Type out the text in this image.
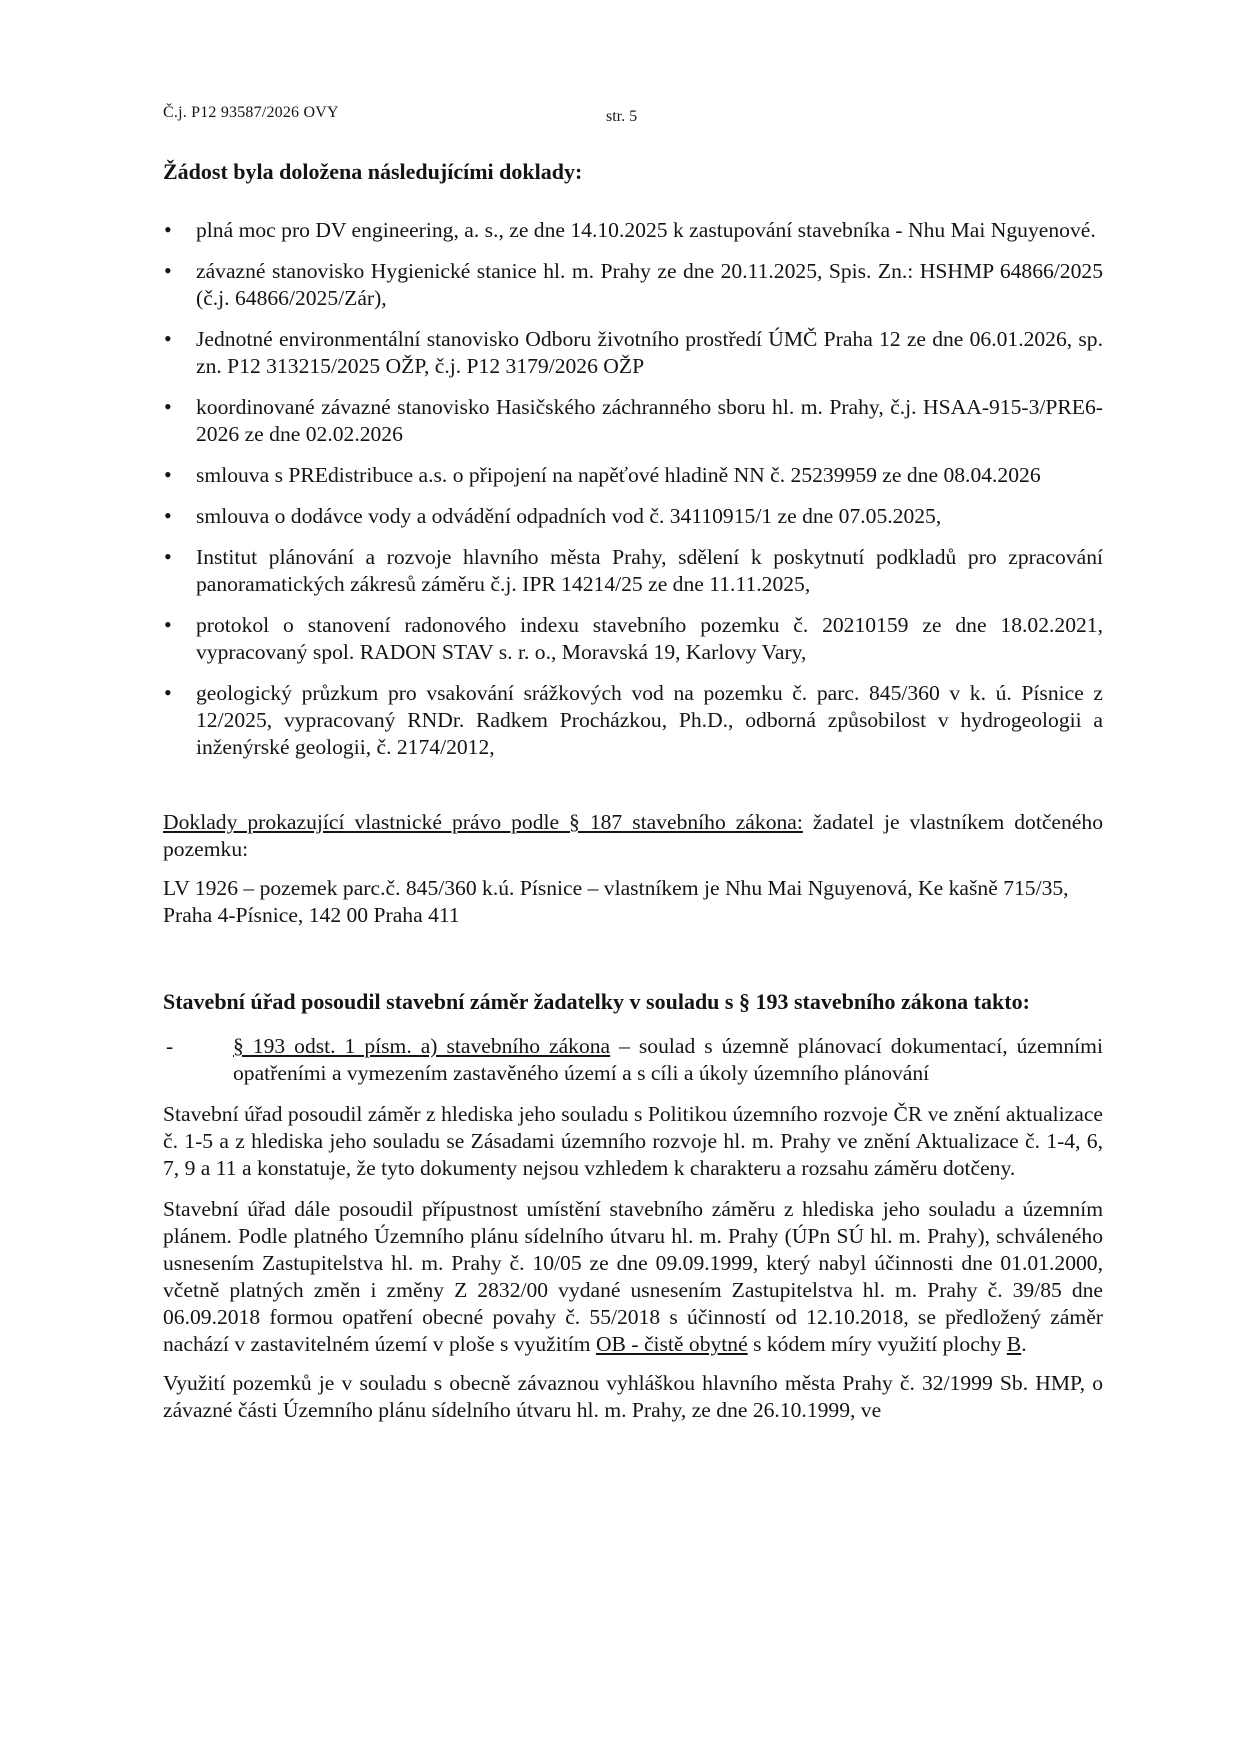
Č.j. P12 93587/2026 OVY	str. 5

Žádost byla doložena následujícími doklady:

• plná moc pro DV engineering, a. s., ze dne 14.10.2025 k zastupování stavebníka - Nhu Mai Nguyenové.
• závazné stanovisko Hygienické stanice hl. m. Prahy ze dne 20.11.2025, Spis. Zn.: HSHMP 64866/2025 (č.j. 64866/2025/Zár),
• Jednotné environmentální stanovisko Odboru životního prostředí ÚMČ Praha 12 ze dne 06.01.2026, sp. zn. P12 313215/2025 OŽP, č.j. P12 3179/2026 OŽP
• koordinované závazné stanovisko Hasičského záchranného sboru hl. m. Prahy, č.j. HSAA-915-3/PRE6-2026 ze dne 02.02.2026
• smlouva s PREdistribuce a.s. o připojení na napěťové hladině NN č. 25239959 ze dne 08.04.2026
• smlouva o dodávce vody a odvádění odpadních vod č. 34110915/1 ze dne 07.05.2025,
• Institut plánování a rozvoje hlavního města Prahy, sdělení k poskytnutí podkladů pro zpracování panoramatických zákresů záměru č.j. IPR 14214/25 ze dne 11.11.2025,
• protokol o stanovení radonového indexu stavebního pozemku č. 20210159 ze dne 18.02.2021, vypracovaný spol. RADON STAV s. r. o., Moravská 19, Karlovy Vary,
• geologický průzkum pro vsakování srážkových vod na pozemku č. parc. 845/360 v k. ú. Písnice z 12/2025, vypracovaný RNDr. Radkem Procházkou, Ph.D., odborná způsobilost v hydrogeologii a inženýrské geologii, č. 2174/2012,

Doklady prokazující vlastnické právo podle § 187 stavebního zákona: žadatel je vlastníkem dotčeného pozemku:

LV 1926 – pozemek parc.č. 845/360 k.ú. Písnice – vlastníkem je Nhu Mai Nguyenová, Ke kašně 715/35, Praha 4-Písnice, 142 00 Praha 411

Stavební úřad posoudil stavební záměr žadatelky v souladu s § 193 stavebního zákona takto:

-	§ 193 odst. 1 písm. a) stavebního zákona – soulad s územně plánovací dokumentací, územními opatřeními a vymezením zastavěného území a s cíli a úkoly územního plánování

Stavební úřad posoudil záměr z hlediska jeho souladu s Politikou územního rozvoje ČR ve znění aktualizace č. 1-5 a z hlediska jeho souladu se Zásadami územního rozvoje hl. m. Prahy ve znění Aktualizace č. 1-4, 6, 7, 9 a 11 a konstatuje, že tyto dokumenty nejsou vzhledem k charakteru a rozsahu záměru dotčeny.

Stavební úřad dále posoudil přípustnost umístění stavebního záměru z hlediska jeho souladu a územním plánem. Podle platného Územního plánu sídelního útvaru hl. m. Prahy (ÚPn SÚ hl. m. Prahy), schváleného usnesením Zastupitelstva hl. m. Prahy č. 10/05 ze dne 09.09.1999, který nabyl účinnosti dne 01.01.2000, včetně platných změn i změny Z 2832/00 vydané usnesením Zastupitelstva hl. m. Prahy č. 39/85 dne 06.09.2018 formou opatření obecné povahy č. 55/2018 s účinností od 12.10.2018, se předložený záměr nachází v zastavitelném území v ploše s využitím OB - čistě obytné s kódem míry využití plochy B.

Využití pozemků je v souladu s obecně závaznou vyhláškou hlavního města Prahy č. 32/1999 Sb. HMP, o závazné části Územního plánu sídelního útvaru hl. m. Prahy, ze dne 26.10.1999, ve
